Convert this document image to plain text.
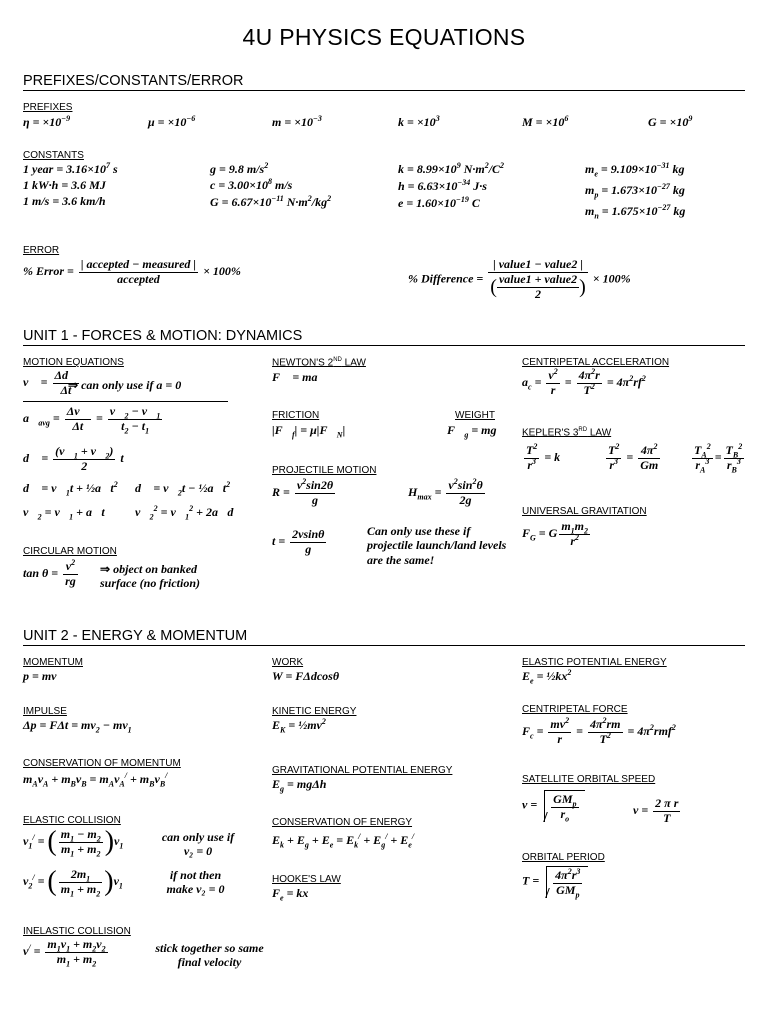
4U PHYSICS EQUATIONS
PREFIXES/CONSTANTS/ERROR
PREFIXES
$\eta = \times 10^{-9}$	$\mu = \times 10^{-6}$	$m = \times 10^{-3}$	$k = \times 10^3$	$M = \times 10^6$	$G = \times 10^9$
CONSTANTS
1 year = $3.16\times 10^7$ s
1 kW·h = 3.6 MJ
1 m/s = 3.6 km/h
g = 9.8 $m/s^2$
$c = 3.00\times 10^8$ m/s
$G = 6.67\times 10^{-11}$ $N\cdot m^2/kg^2$
$k = 8.99\times 10^9$ $N\cdot m^2/C^2$
$h = 6.63\times 10^{-34}$ J·s
$e = 1.60\times 10^{-19}$ C
$m_e = 9.109\times 10^{-31}$ kg
$m_p = 1.673\times 10^{-27}$ kg
$m_n = 1.675\times 10^{-27}$ kg
ERROR
% Error = $\frac{\text{| accepted − measured |}}{\text{accepted}} \times 100\%$
% Difference = $\frac{\text{| value1 − value2 |}}{( \frac{\text{value1 + value2}}{2} )} \times 100\%$
UNIT 1 - FORCES & MOTION: DYNAMICS
MOTION EQUATIONS
v⃗ = $\frac{\Delta d⃗}{\Delta t}$
⇒ can only use if a = 0
$a⃗_{avg} = \frac{\Delta v⃗}{\Delta t} = \frac{v⃗_2 - v⃗_1}{t_2 - t_1}$
d⃗ = $\frac{(v⃗_1 + v⃗_2)}{2}$ t
d⃗ = $v⃗_1t$ + $\frac{1}{2}a⃗t^2$ d⃗ = $v⃗_2t$ − $\frac{1}{2}a⃗t^2$
$v⃗_2$ = $v⃗_1$ + a⃗t	$v⃗_2^2$ = $v⃗_1^2$ + 2a⃗d⃗
CIRCULAR MOTION
$\tan \theta = \frac{v^2}{rg}$ ⇒ object on banked surface (no friction)
NEWTON'S 2ND LAW
F⃗ = ma⃗
FRICTION
$|F⃗_f|$ = $\mu|F⃗_N|$
WEIGHT
$F⃗_g$ = mg⃗
PROJECTILE MOTION
$R = \frac{v^2\sin 2\theta}{g}$	$H_{max} = \frac{v^2\sin^2\theta}{2g}$
$t = \frac{2vsin\theta}{g}$	Can only use these if projectile launch/land levels are the same!
CENTRIPETAL ACCELERATION
$a_c = \frac{v^2}{r} = \frac{4\pi^2r}{T^2} = 4\pi^2rf^2$
KEPLER'S 3RD LAW
$\frac{T^2}{r^3} = k$	$\frac{T^2}{r^3} = \frac{4\pi^2}{Gm}$	$\frac{T_A^2}{r_A^3} = \frac{T_B^2}{r_B^3}$
UNIVERSAL GRAVITATION
$F_G = G \frac{m_1m_2}{r^2}$
UNIT 2 - ENERGY & MOMENTUM
MOMENTUM
p = mv
IMPULSE
$\Delta p = F\Delta t = mv_2 - mv_1$
CONSERVATION OF MOMENTUM
$m_Av_A + m_Bv_B = m_Av_A^/ + m_Bv_B^/$
ELASTIC COLLISION
$v_1^/$ = ( $\frac{m_1 - m_2}{m_1 + m_2} )v_1$
can only use if v₂ = 0
$v_2^/$ = ( $\frac{2m_1}{m_1 + m_2} )v_1$
if not then make v₂ = 0
INELASTIC COLLISION
$v^/ = \frac{m_1v_1 + m_2v_2}{m_1 + m_2}$	stick together so same final velocity
WORK
W = FΔdcosθ
KINETIC ENERGY
$E_K$ = $\frac{1}{2}mv^2$
GRAVITATIONAL POTENTIAL ENERGY
$E_g = mg\Delta h$
CONSERVATION OF ENERGY
$E_k + E_g + E_e = E_k^/ + E_g^/ + E_e^/$
HOOKE'S LAW
$F_e$ = kx
ELASTIC POTENTIAL ENERGY
$E_e$ = $\frac{1}{2}kx^2$
CENTRIPETAL FORCE
$F_c = \frac{mv^2}{r} = \frac{4\pi^2rm}{T^2} = 4\pi^2rmf^2$
SATELLITE ORBITAL SPEED
$v = \frac{GM_p}{r_o}$	$v = \frac{\text{2 π r}}{T}$
ORBITAL PERIOD
$T = \frac{4\pi^2r^3}{GM_p}$
